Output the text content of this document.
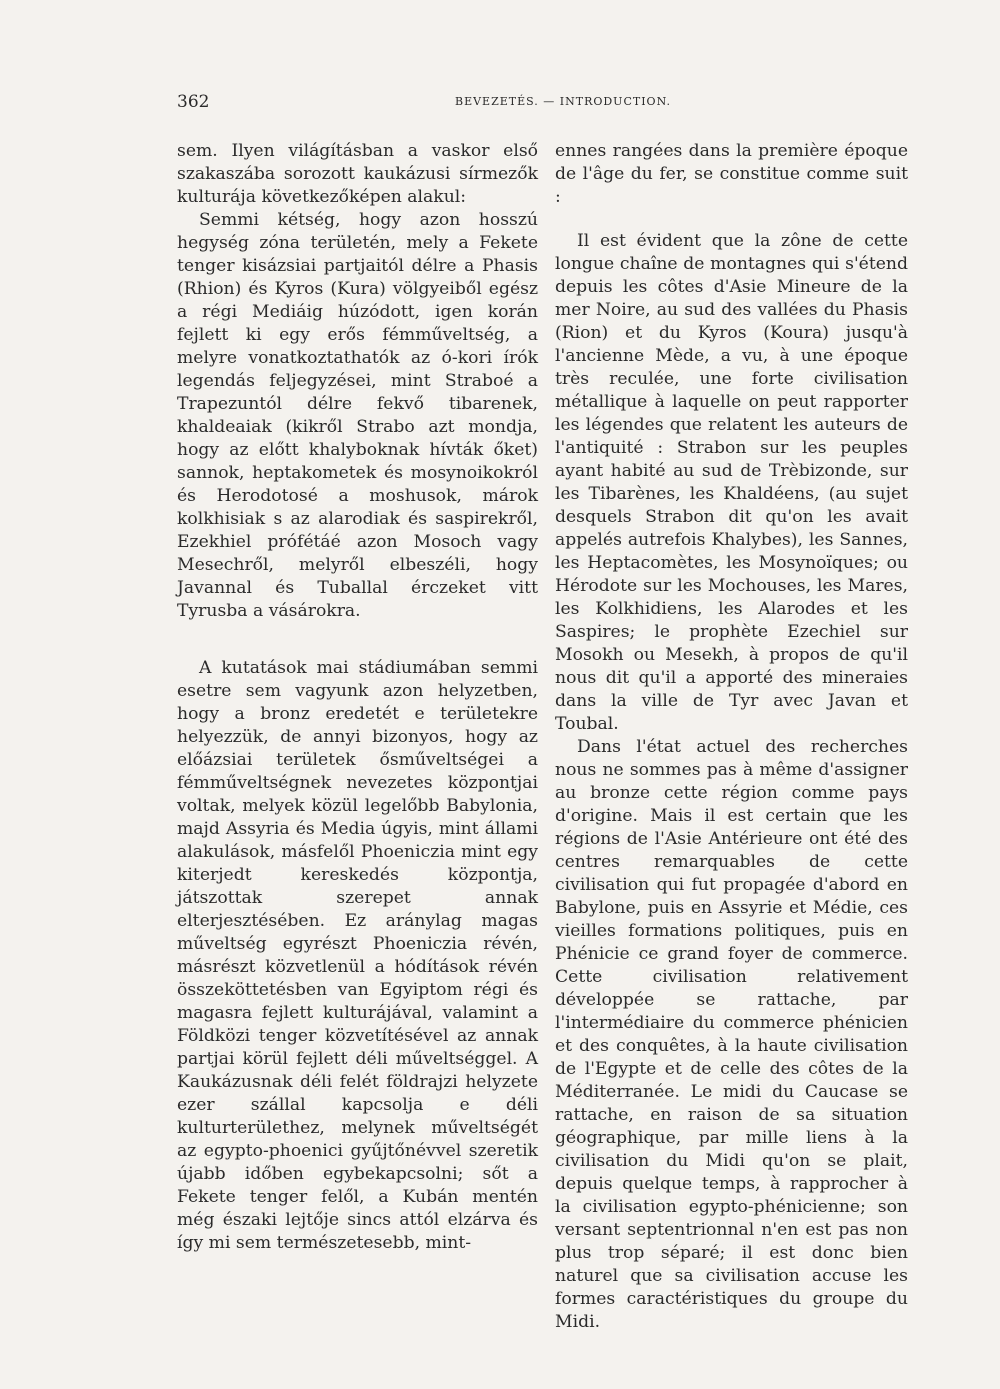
362	BEVEZETÉS. — INTRODUCTION.

sem. Ilyen világításban a vaskor első szakaszába sorozott kaukázusi sírmezők kulturája következőképen alakul:

Semmi kétség, hogy azon hosszú hegység zóna területén, mely a Fekete tenger kisázsiai partjaitól délre a Phasis (Rhion) és Kyros (Kura) völgyeiből egész a régi Mediáig húzódott, igen korán fejlett ki egy erős fémműveltség, a melyre vonatkoztathatók az ó-kori írók legendás feljegyzései, mint Straboé a Trapezuntól délre fekvő tibarenek, khaldeaiak (kikről Strabo azt mondja, hogy az előtt khalyboknak hívták őket) sannok, heptakometek és mosynoikokról és Herodotosé a moshusok, márok kolkhisiak s az alarodiak és saspirekről, Ezekhiel prófétáé azon Mosoch vagy Mesechről, melyről elbeszéli, hogy Javannal és Tuballal érczeket vitt Tyrusba a vásárokra.

A kutatások mai stádiumában semmi esetre sem vagyunk azon helyzetben, hogy a bronz eredetét e területekre helyezzük, de annyi bizonyos, hogy az előázsiai területek ősműveltségei a fémműveltségnek nevezetes központjai voltak, melyek közül legelőbb Babylonia, majd Assyria és Media úgyis, mint állami alakulások, másfelől Phoeniczia mint egy kiterjedt kereskedés központja, játszottak szerepet annak elterjesztésében. Ez aránylag magas műveltség egyrészt Phoeniczia révén, másrészt közvetlenül a hódítások révén összeköttetésben van Egyiptom régi és magasra fejlett kulturájával, valamint a Földközi tenger közvetítésével az annak partjai körül fejlett déli műveltséggel. A Kaukázusnak déli felét földrajzi helyzete ezer szállal kapcsolja e déli kulturterülethez, melynek műveltségét az egypto-phoenici gyűjtőnévvel szeretik újabb időben egybekapcsolni; sőt a Fekete tenger felől, a Kubán mentén még északi lejtője sincs attól elzárva és így mi sem természetesebb, mint-

ennes rangées dans la première époque de l'âge du fer, se constitue comme suit :

Il est évident que la zône de cette longue chaîne de montagnes qui s'étend depuis les côtes d'Asie Mineure de la mer Noire, au sud des vallées du Phasis (Rion) et du Kyros (Koura) jusqu'à l'ancienne Mède, a vu, à une époque très reculée, une forte civilisation métallique à laquelle on peut rapporter les légendes que relatent les auteurs de l'antiquité : Strabon sur les peuples ayant habité au sud de Trèbizonde, sur les Tibarènes, les Khaldéens, (au sujet desquels Strabon dit qu'on les avait appelés autrefois Khalybes), les Sannes, les Heptacomètes, les Mosynoïques; ou Hérodote sur les Mochouses, les Mares, les Kolkhidiens, les Alarodes et les Saspires; le prophète Ezechiel sur Mosokh ou Mesekh, à propos de qu'il nous dit qu'il a apporté des mineraies dans la ville de Tyr avec Javan et Toubal.

Dans l'état actuel des recherches nous ne sommes pas à même d'assigner au bronze cette région comme pays d'origine. Mais il est certain que les régions de l'Asie Antérieure ont été des centres remarquables de cette civilisation qui fut propagée d'abord en Babylone, puis en Assyrie et Médie, ces vieilles formations politiques, puis en Phénicie ce grand foyer de commerce. Cette civilisation relativement développée se rattache, par l'intermédiaire du commerce phénicien et des conquêtes, à la haute civilisation de l'Egypte et de celle des côtes de la Méditerranée. Le midi du Caucase se rattache, en raison de sa situation géographique, par mille liens à la civilisation du Midi qu'on se plait, depuis quelque temps, à rapprocher à la civilisation egypto-phénicienne; son versant septentrionnal n'en est pas non plus trop séparé; il est donc bien naturel que sa civilisation accuse les formes caractéristiques du groupe du Midi.
